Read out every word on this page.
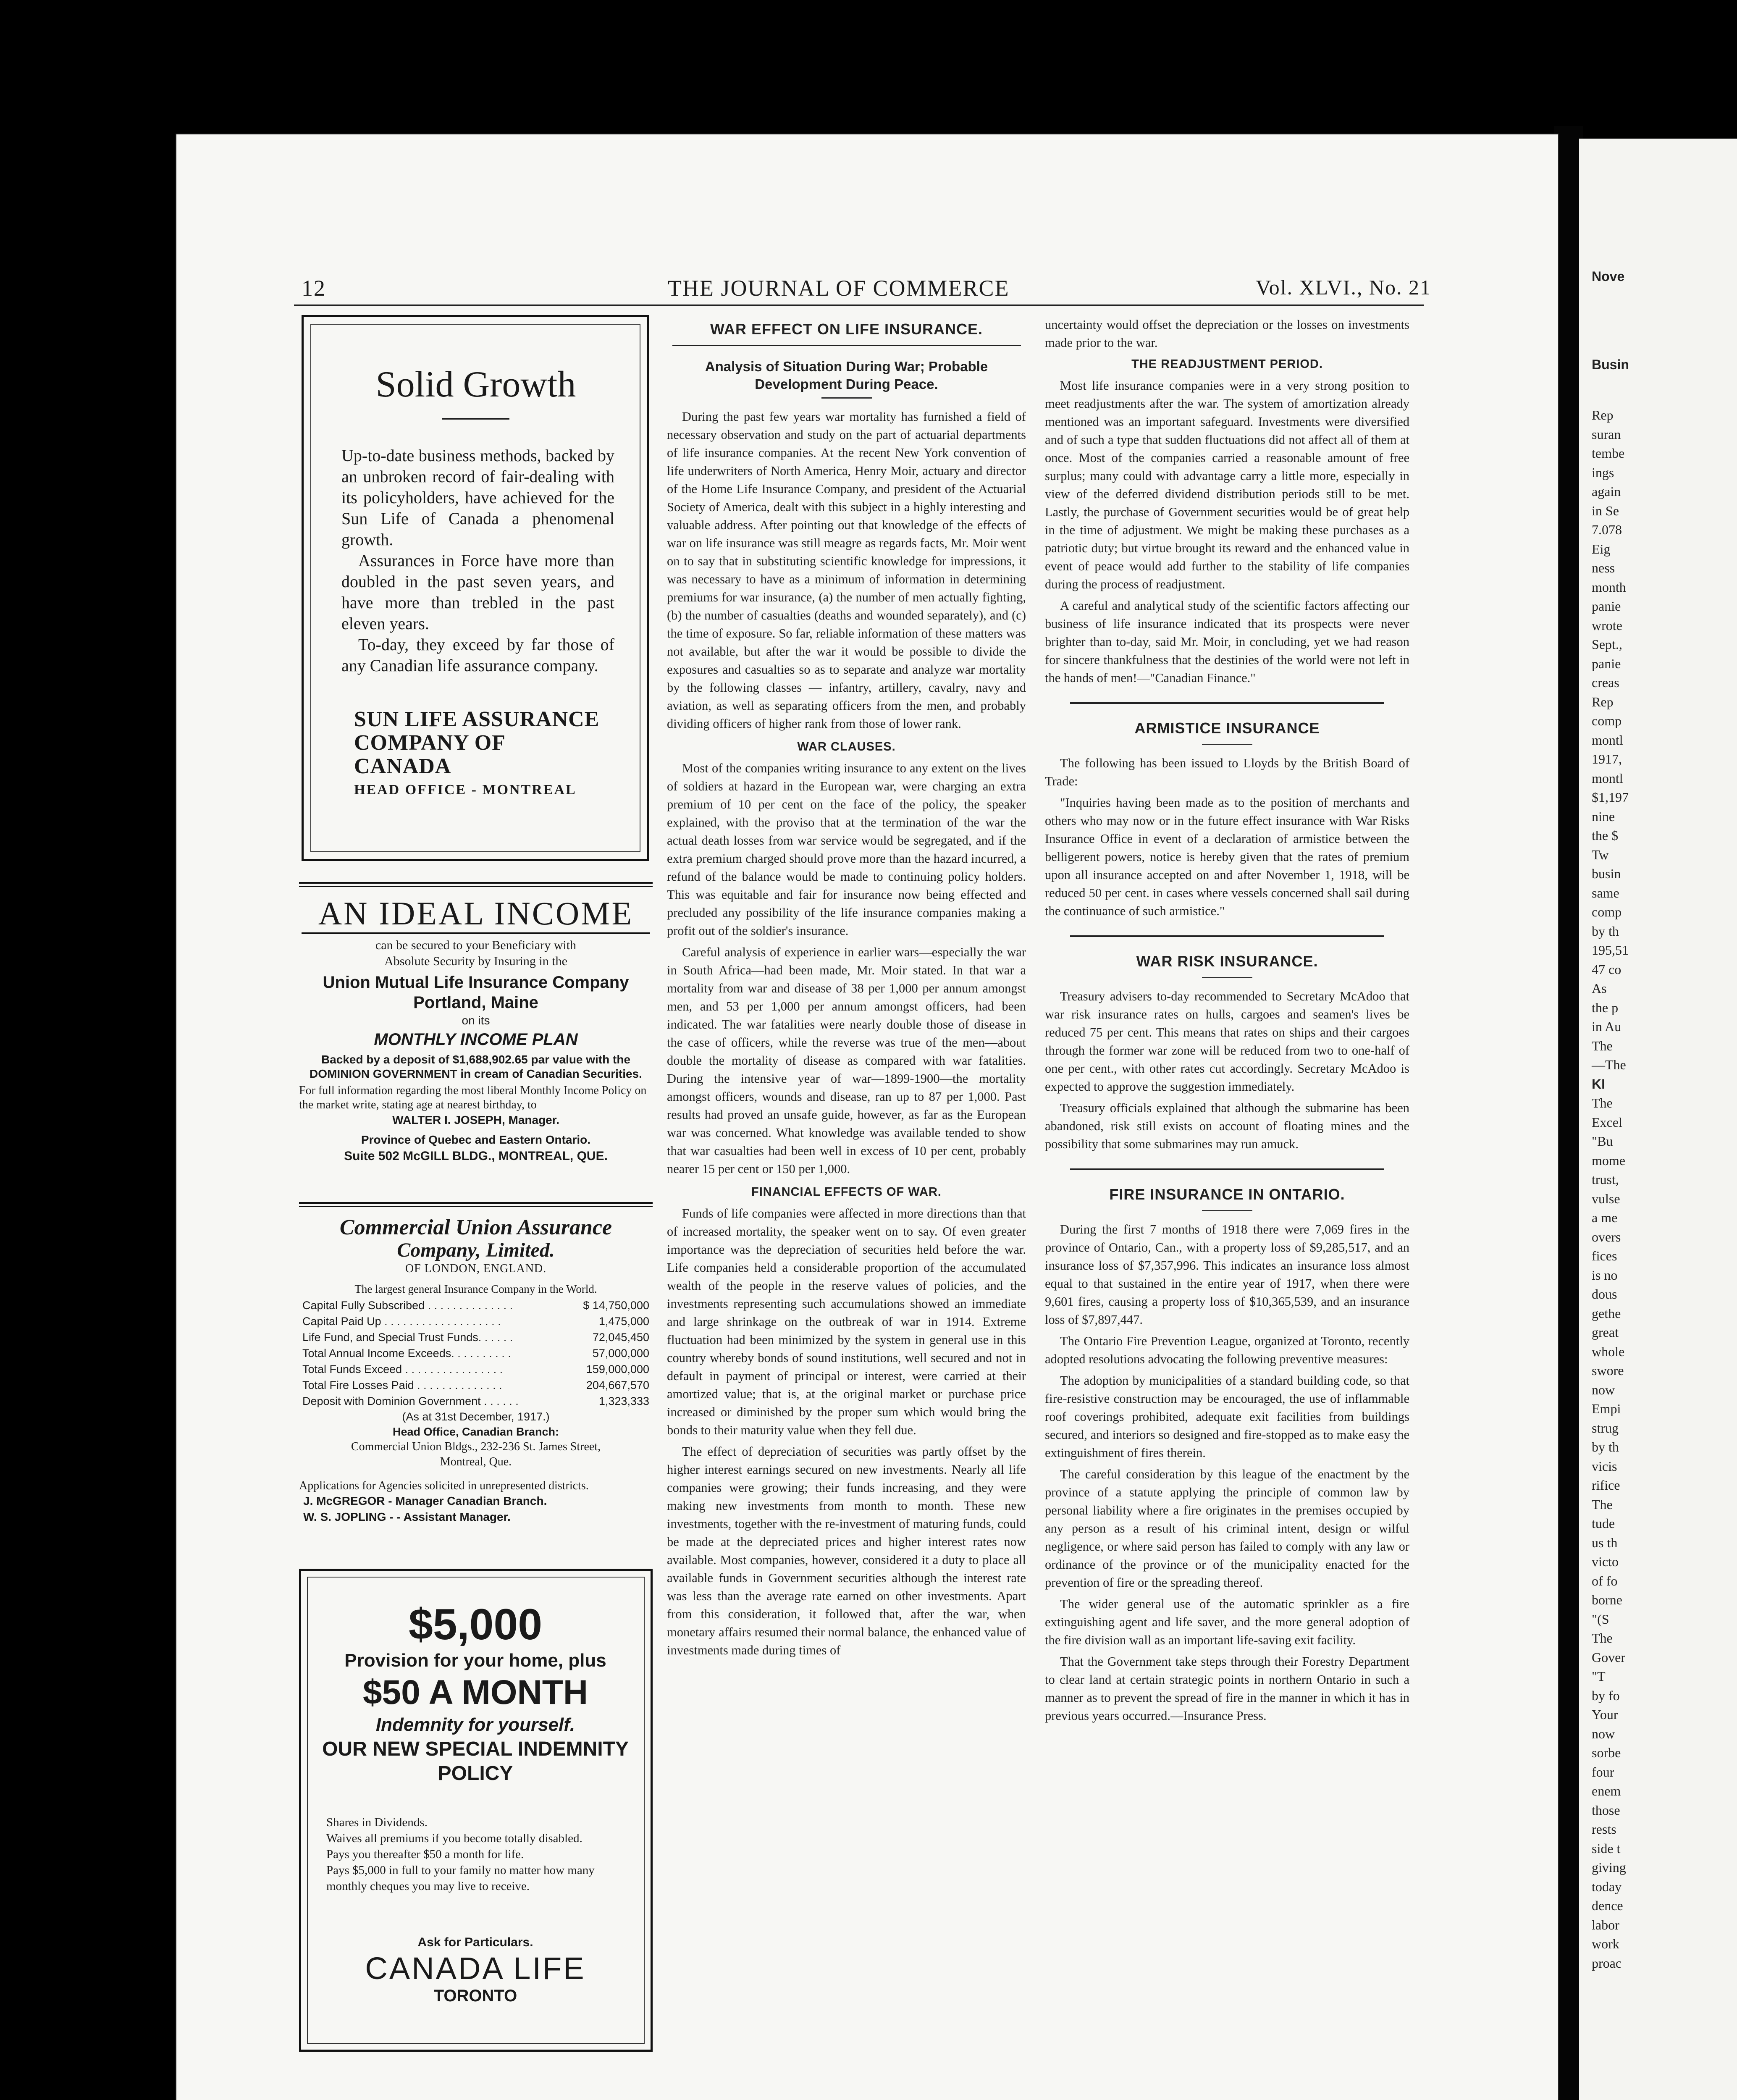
Nove
Busin
Rep
suran
tembe
ings
again
in Se
7.078
Eig
ness
month
panie
wrote
Sept.,
panie
creas
Rep
comp
montl
1917,
montl
$1,197
nine
the $
Tw
busin
same
comp
by th
195,51
47 co
As
the p
in Au
The
—The
KI
The
Excel
"Bu
mome
trust,
vulse
a me
overs
fices
is no
dous
gethe
great
whole
swore
now
Empi
strug
by th
vicis
rifice
The
tude
us th
victo
of fo
borne
"(S
The
Gover
"T
by fo
Your
now
sorbe
four
enem
those
rests
side t
giving
today
dence
labor
work
proac
12	THE JOURNAL OF COMMERCE	Vol. XLVI., No. 21
Solid Growth
Up-to-date business methods, backed by an unbroken record of fair-dealing with its policyholders, have achieved for the Sun Life of Canada a phenomenal growth.
Assurances in Force have more than doubled in the past seven years, and have more than trebled in the past eleven years.
To-day, they exceed by far those of any Canadian life assurance company.
SUN LIFE ASSURANCE
COMPANY OF CANADA
HEAD OFFICE - MONTREAL
AN IDEAL INCOME
can be secured to your Beneficiary with
Absolute Security by Insuring in the
Union Mutual Life Insurance Company
Portland, Maine
on its
MONTHLY INCOME PLAN
Backed by a deposit of $1,688,902.65 par value with the DOMINION GOVERNMENT in cream of Canadian Securities.
For full information regarding the most liberal Monthly Income Policy on the market write, stating age at nearest birthday, to
WALTER I. JOSEPH, Manager.
Province of Quebec and Eastern Ontario.
Suite 502 McGILL BLDG., MONTREAL, QUE.
Commercial Union Assurance
Company, Limited.
OF LONDON, ENGLAND.
The largest general Insurance Company in the World.
Capital Fully Subscribed . . . . . . . . . . . . . .	$ 14,750,000
Capital Paid Up . . . . . . . . . . . . . . . . . . .	1,475,000
Life Fund, and Special Trust Funds. . . . . .	72,045,450
Total Annual Income Exceeds. . . . . . . . . .	57,000,000
Total Funds Exceed . . . . . . . . . . . . . . . .	159,000,000
Total Fire Losses Paid . . . . . . . . . . . . . .	204,667,570
Deposit with Dominion Government . . . . . .	1,323,333
(As at 31st December, 1917.)
Head Office, Canadian Branch:
Commercial Union Bldgs., 232-236 St. James Street,
Montreal, Que.
Applications for Agencies solicited in unrepresented districts.
J. McGREGOR - Manager Canadian Branch.
W. S. JOPLING - - Assistant Manager.
$5,000
Provision for your home, plus
$50 A MONTH
Indemnity for yourself.
OUR NEW SPECIAL INDEMNITY
POLICY
Shares in Dividends.
Waives all premiums if you become totally disabled.
Pays you thereafter $50 a month for life.
Pays $5,000 in full to your family no matter how many monthly cheques you may live to receive.
Ask for Particulars.
CANADA LIFE
TORONTO
WAR EFFECT ON LIFE INSURANCE.
Analysis of Situation During War; Probable Development During Peace.

During the past few years war mortality has furnished a field of necessary observation and study on the part of actuarial departments of life insurance companies. At the recent New York convention of life underwriters of North America, Henry Moir, actuary and director of the Home Life Insurance Company, and president of the Actuarial Society of America, dealt with this subject in a highly interesting and valuable address. After pointing out that knowledge of the effects of war on life insurance was still meagre as regards facts, Mr. Moir went on to say that in substituting scientific knowledge for impressions, it was necessary to have as a minimum of information in determining premiums for war insurance, (a) the number of men actually fighting, (b) the number of casualties (deaths and wounded separately), and (c) the time of exposure. So far, reliable information of these matters was not available, but after the war it would be possible to divide the exposures and casualties so as to separate and analyze war mortality by the following classes — infantry, artillery, cavalry, navy and aviation, as well as separating officers from the men, and probably dividing officers of higher rank from those of lower rank.

WAR CLAUSES.

Most of the companies writing insurance to any extent on the lives of soldiers at hazard in the European war, were charging an extra premium of 10 per cent on the face of the policy, the speaker explained, with the proviso that at the termination of the war the actual death losses from war service would be segregated, and if the extra premium charged should prove more than the hazard incurred, a refund of the balance would be made to continuing policy holders. This was equitable and fair for insurance now being effected and precluded any possibility of the life insurance companies making a profit out of the soldier's insurance.

Careful analysis of experience in earlier wars—especially the war in South Africa—had been made, Mr. Moir stated. In that war a mortality from war and disease of 38 per 1,000 per annum amongst men, and 53 per 1,000 per annum amongst officers, had been indicated. The war fatalities were nearly double those of disease in the case of officers, while the reverse was true of the men—about double the mortality of disease as compared with war fatalities. During the intensive year of war—1899-1900—the mortality amongst officers, wounds and disease, ran up to 87 per 1,000. Past results had proved an unsafe guide, however, as far as the European war was concerned. What knowledge was available tended to show that war casualties had been well in excess of 10 per cent, probably nearer 15 per cent or 150 per 1,000.

FINANCIAL EFFECTS OF WAR.

Funds of life companies were affected in more directions than that of increased mortality, the speaker went on to say. Of even greater importance was the depreciation of securities held before the war. Life companies held a considerable proportion of the accumulated wealth of the people in the reserve values of policies, and the investments representing such accumulations showed an immediate and large shrinkage on the outbreak of war in 1914. Extreme fluctuation had been minimized by the system in general use in this country whereby bonds of sound institutions, well secured and not in default in payment of principal or interest, were carried at their amortized value; that is, at the original market or purchase price increased or diminished by the proper sum which would bring the bonds to their maturity value when they fell due.

The effect of depreciation of securities was partly offset by the higher interest earnings secured on new investments. Nearly all life companies were growing; their funds increasing, and they were making new investments from month to month. These new investments, together with the re-investment of maturing funds, could be made at the depreciated prices and higher interest rates now available. Most companies, however, considered it a duty to place all available funds in Government securities although the interest rate was less than the average rate earned on other investments. Apart from this consideration, it followed that, after the war, when monetary affairs resumed their normal balance, the enhanced value of investments made during times of

uncertainty would offset the depreciation or the losses on investments made prior to the war.

THE READJUSTMENT PERIOD.

Most life insurance companies were in a very strong position to meet readjustments after the war. The system of amortization already mentioned was an important safeguard. Investments were diversified and of such a type that sudden fluctuations did not affect all of them at once. Most of the companies carried a reasonable amount of free surplus; many could with advantage carry a little more, especially in view of the deferred dividend distribution periods still to be met. Lastly, the purchase of Government securities would be of great help in the time of adjustment. We might be making these purchases as a patriotic duty; but virtue brought its reward and the enhanced value in event of peace would add further to the stability of life companies during the process of readjustment.

A careful and analytical study of the scientific factors affecting our business of life insurance indicated that its prospects were never brighter than to-day, said Mr. Moir, in concluding, yet we had reason for sincere thankfulness that the destinies of the world were not left in the hands of men!—"Canadian Finance."

ARMISTICE INSURANCE

The following has been issued to Lloyds by the British Board of Trade:

"Inquiries having been made as to the position of merchants and others who may now or in the future effect insurance with War Risks Insurance Office in event of a declaration of armistice between the belligerent powers, notice is hereby given that the rates of premium upon all insurance accepted on and after November 1, 1918, will be reduced 50 per cent. in cases where vessels concerned shall sail during the continuance of such armistice."

WAR RISK INSURANCE.

Treasury advisers to-day recommended to Secretary McAdoo that war risk insurance rates on hulls, cargoes and seamen's lives be reduced 75 per cent. This means that rates on ships and their cargoes through the former war zone will be reduced from two to one-half of one per cent., with other rates cut accordingly. Secretary McAdoo is expected to approve the suggestion immediately.

Treasury officials explained that although the submarine has been abandoned, risk still exists on account of floating mines and the possibility that some submarines may run amuck.

FIRE INSURANCE IN ONTARIO.

During the first 7 months of 1918 there were 7,069 fires in the province of Ontario, Can., with a property loss of $9,285,517, and an insurance loss of $7,357,996. This indicates an insurance loss almost equal to that sustained in the entire year of 1917, when there were 9,601 fires, causing a property loss of $10,365,539, and an insurance loss of $7,897,447.

The Ontario Fire Prevention League, organized at Toronto, recently adopted resolutions advocating the following preventive measures:

The adoption by municipalities of a standard building code, so that fire-resistive construction may be encouraged, the use of inflammable roof coverings prohibited, adequate exit facilities from buildings secured, and interiors so designed and fire-stopped as to make easy the extinguishment of fires therein.

The careful consideration by this league of the enactment by the province of a statute applying the principle of common law by personal liability where a fire originates in the premises occupied by any person as a result of his criminal intent, design or wilful negligence, or where said person has failed to comply with any law or ordinance of the province or of the municipality enacted for the prevention of fire or the spreading thereof.

The wider general use of the automatic sprinkler as a fire extinguishing agent and life saver, and the more general adoption of the fire division wall as an important life-saving exit facility.

That the Government take steps through their Forestry Department to clear land at certain strategic points in northern Ontario in such a manner as to prevent the spread of fire in the manner in which it has in previous years occurred.—Insurance Press.
